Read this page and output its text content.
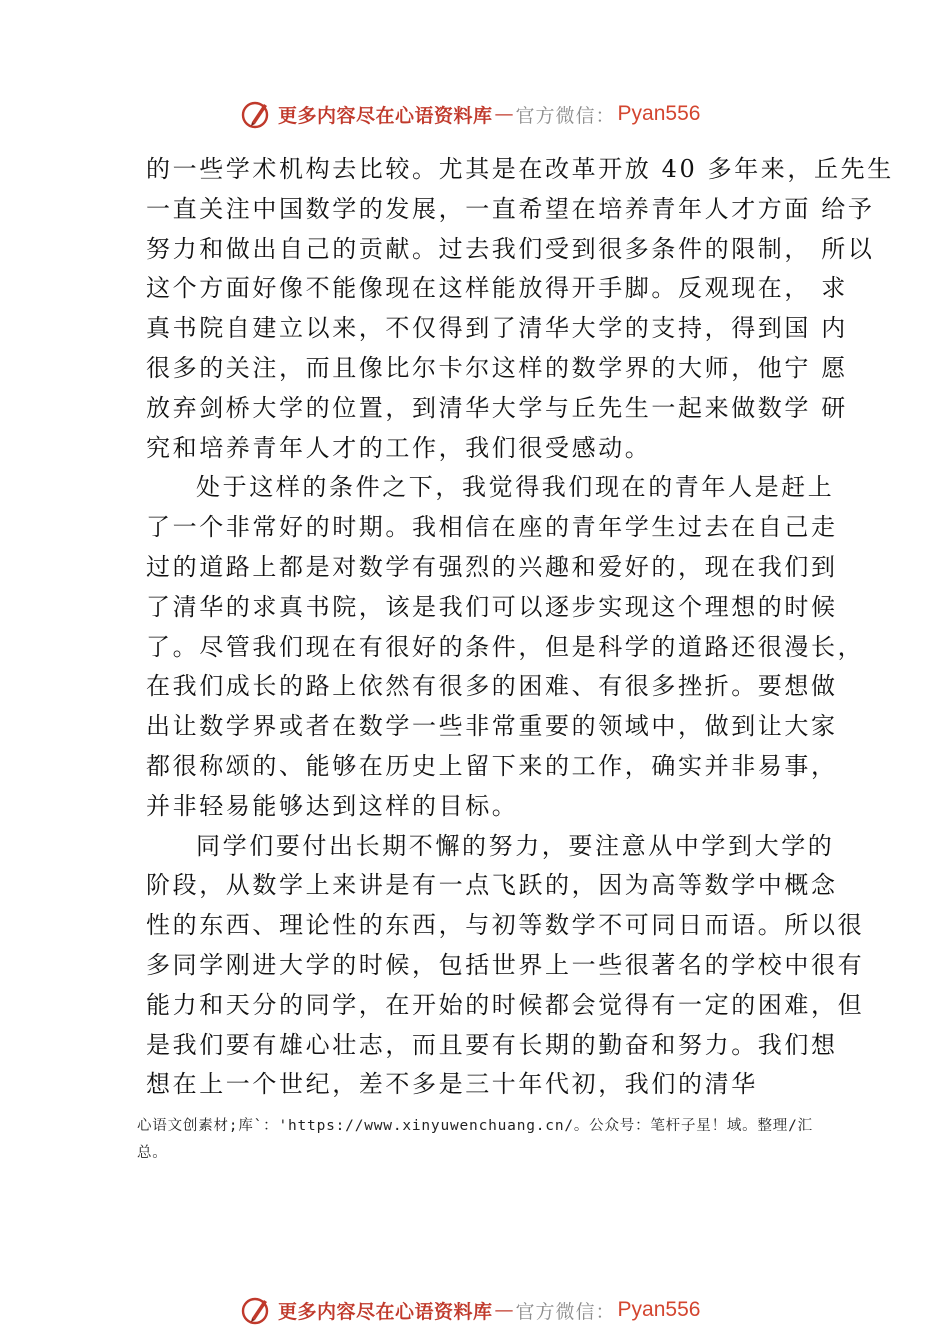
更多内容尽在心语资料库 — 官方微信： Pyan556
的一些学术机构去比较。尤其是在改革开放 40 多年来，丘先生
一直关注中国数学的发展，一直希望在培养青年人才方面 给予
努力和做出自己的贡献。过去我们受到很多条件的限制， 所以
这个方面好像不能像现在这样能放得开手脚。反观现在， 求
真书院自建立以来，不仅得到了清华大学的支持，得到国 内
很多的关注，而且像比尔卡尔这样的数学界的大师，他宁 愿
放弃剑桥大学的位置，到清华大学与丘先生一起来做数学 研
究和培养青年人才的工作，我们很受感动。
处于这样的条件之下，我觉得我们现在的青年人是赶上
了一个非常好的时期。我相信在座的青年学生过去在自己走
过的道路上都是对数学有强烈的兴趣和爱好的，现在我们到
了清华的求真书院，该是我们可以逐步实现这个理想的时候
了。尽管我们现在有很好的条件，但是科学的道路还很漫长，
在我们成长的路上依然有很多的困难、有很多挫折。要想做
出让数学界或者在数学一些非常重要的领域中，做到让大家
都很称颂的、能够在历史上留下来的工作，确实并非易事，
并非轻易能够达到这样的目标。
同学们要付出长期不懈的努力，要注意从中学到大学的
阶段，从数学上来讲是有一点飞跃的，因为高等数学中概念
性的东西、理论性的东西，与初等数学不可同日而语。所以很
多同学刚进大学的时候，包括世界上一些很著名的学校中很有
能力和天分的同学，在开始的时候都会觉得有一定的困难，但
是我们要有雄心壮志，而且要有长期的勤奋和努力。我们想
想在上一个世纪，差不多是三十年代初，我们的清华
心语文创素材;库`：'https://www.xinyuwenchuang.cn/。公众号：笔杆子星！域。整理/汇总。
更多内容尽在心语资料库 — 官方微信： Pyan556
